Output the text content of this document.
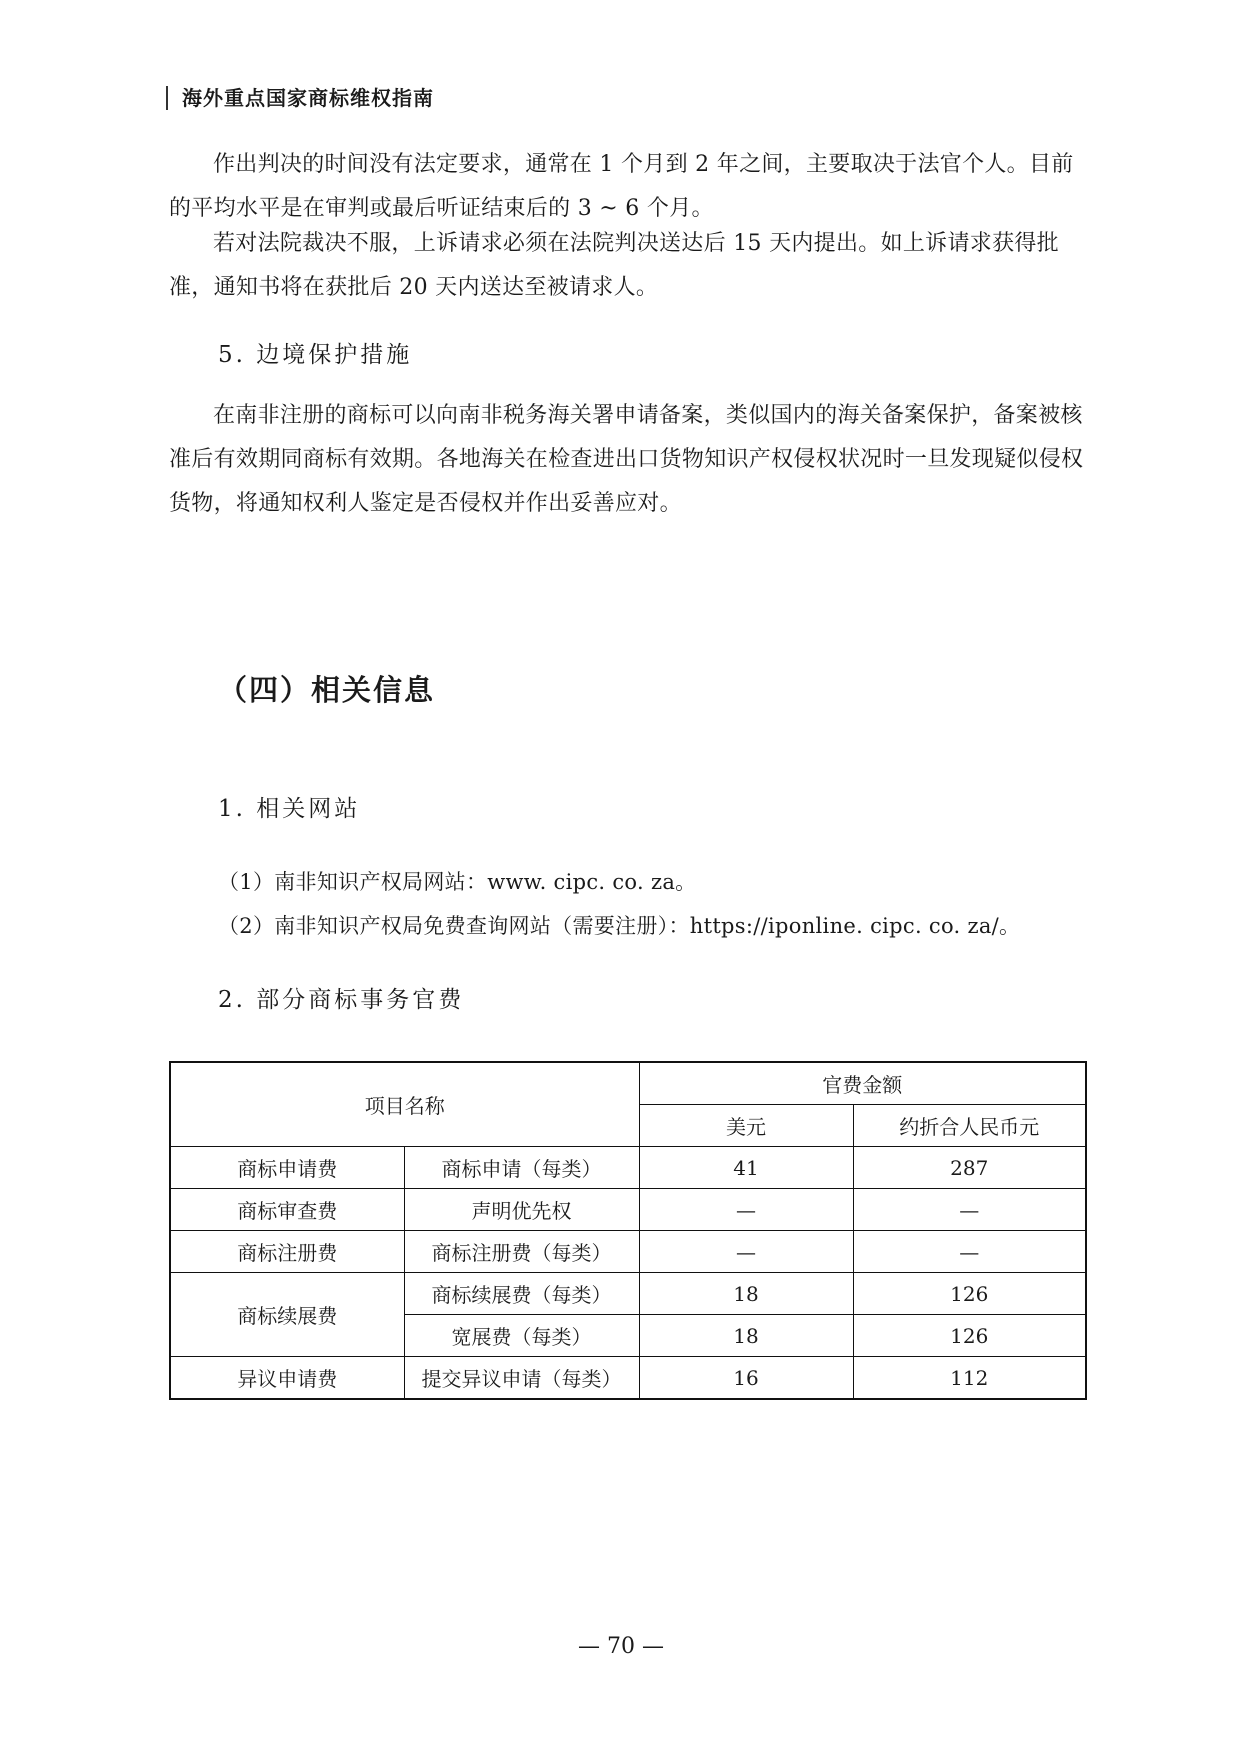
海外重点国家商标维权指南

作出判决的时间没有法定要求，通常在 1 个月到 2 年之间，主要取决于法官个人。目前的平均水平是在审判或最后听证结束后的 3 ~ 6 个月。

若对法院裁决不服，上诉请求必须在法院判决送达后 15 天内提出。如上诉请求获得批准，通知书将在获批后 20 天内送达至被请求人。

5. 边境保护措施

在南非注册的商标可以向南非税务海关署申请备案，类似国内的海关备案保护，备案被核准后有效期同商标有效期。各地海关在检查进出口货物知识产权侵权状况时一旦发现疑似侵权货物，将通知权利人鉴定是否侵权并作出妥善应对。

（四）相关信息
1. 相关网站
（1）南非知识产权局网站：www. cipc. co. za。
（2）南非知识产权局免费查询网站（需要注册）：https://iponline. cipc. co. za/。
2. 部分商标事务官费
项目名称		官费金额	
		美元	约折合人民币元
商标申请费	商标申请（每类）	41	287
商标审查费	声明优先权	—	—
商标注册费	商标注册费（每类）	—	—
商标续展费	商标续展费（每类）	18	126
	宽展费（每类）	18	126
异议申请费	提交异议申请（每类）	16	112
— 70 —
